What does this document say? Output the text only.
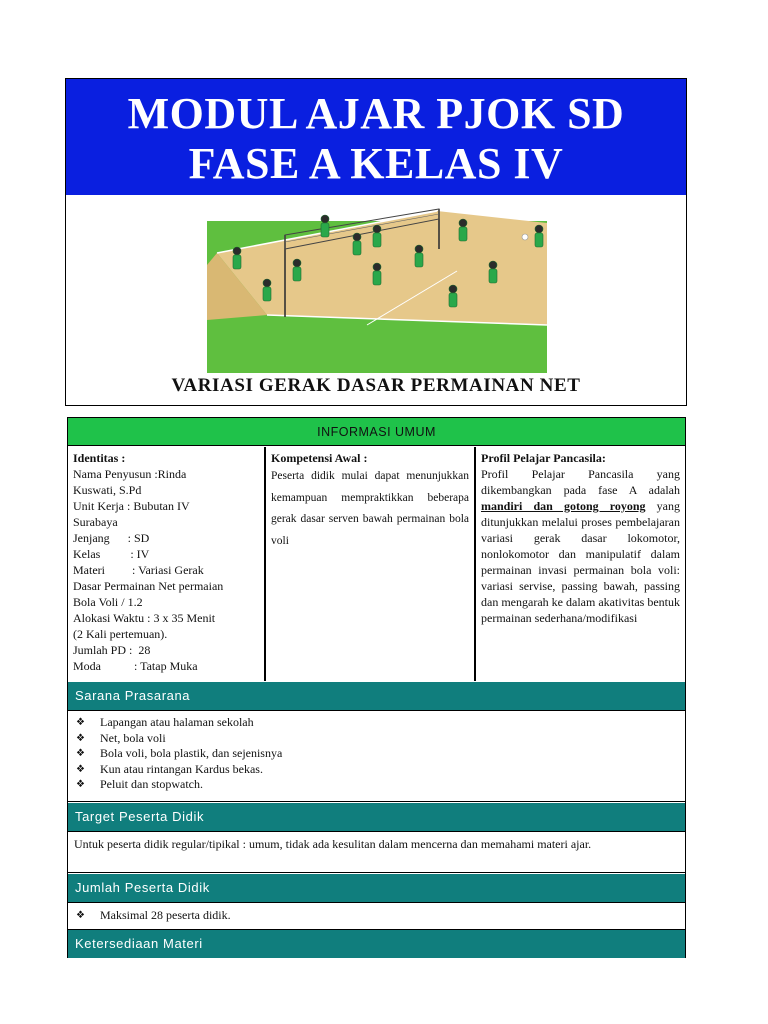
MODUL AJAR PJOK SD
FASE A KELAS IV
VARIASI GERAK DASAR PERMAINAN NET
INFORMASI UMUM
Identitas :
Nama Penyusun :Rinda
Kuswati, S.Pd
Unit Kerja : Bubutan IV
Surabaya
Jenjang      : SD
Kelas          : IV
Materi         : Variasi Gerak
Dasar Permainan Net permaian
Bola Voli / 1.2
Alokasi Waktu : 3 x 35 Menit
(2 Kali pertemuan).
Jumlah PD :  28
Moda           : Tatap Muka
Kompetensi Awal :
Peserta didik mulai dapat menunjukkan kemampuan mempraktikkan beberapa gerak dasar serven bawah permainan bola voli
Profil Pelajar Pancasila:
Profil Pelajar Pancasila yang dikembangkan pada fase A adalah mandiri dan gotong royong yang ditunjukkan melalui proses pembelajaran variasi gerak dasar lokomotor, nonlokomotor dan manipulatif dalam permainan invasi permainan bola voli: variasi servise, passing bawah, passing dan mengarah ke dalam akativitas bentuk permainan sederhana/modifikasi
Sarana Prasarana
❖	Lapangan atau halaman sekolah
❖	Net, bola voli
❖	Bola voli, bola plastik, dan sejenisnya
❖	Kun atau rintangan Kardus bekas.
❖	Peluit dan stopwatch.
Target Peserta Didik
Untuk peserta didik regular/tipikal : umum, tidak ada kesulitan dalam mencerna dan memahami materi ajar.
Jumlah Peserta Didik
❖	Maksimal 28 peserta didik.
Ketersediaan Materi
